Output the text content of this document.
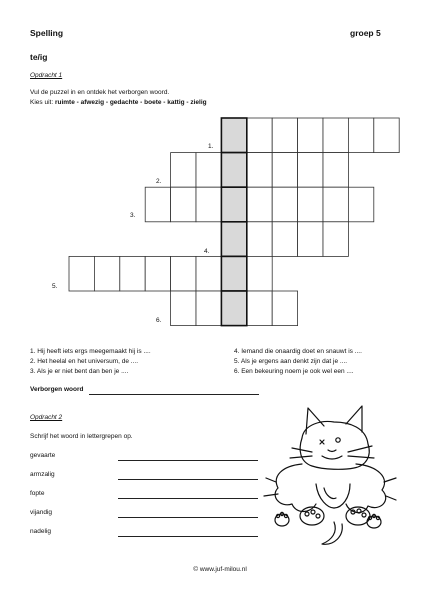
Spelling	groep 5
te/ig
Opdracht 1
Vul de puzzel in en ontdek het verborgen woord.
Kies uit: ruimte - afwezig - gedachte - boete - kattig - zielig
1.
2.
3.
4.
5.
6.
1. Hij heeft iets ergs meegemaakt hij is ....
2. Het heelal en het universum, de ....
3. Als je er niet bent dan ben je ....
4. Iemand die onaardig doet en snauwt is ....
5. Als je ergens aan denkt zijn dat je ....
6. Een bekeuring noem je ook wel een ....
Verborgen woord
Opdracht 2
Schrijf het woord in lettergrepen op.
gevaarte
armzalig
fopte
vijandig
nadelig
© www.juf-milou.nl
